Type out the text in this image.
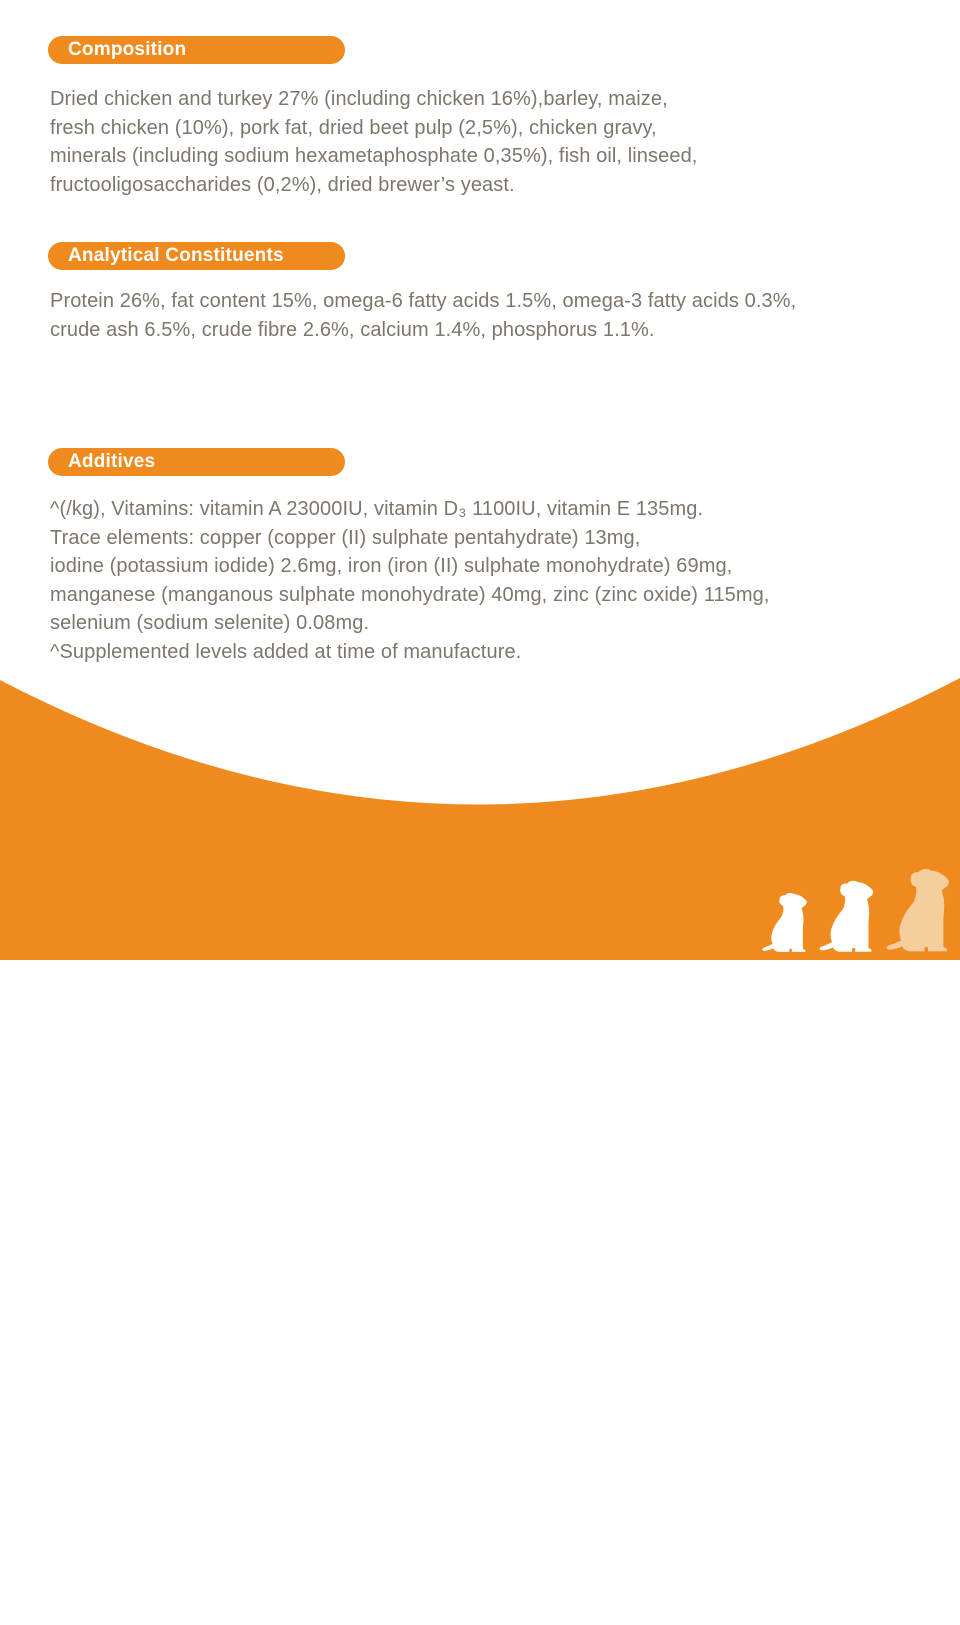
Composition
Dried chicken and turkey 27% (including chicken 16%),barley, maize,
fresh chicken (10%), pork fat, dried beet pulp (2,5%), chicken gravy,
minerals (including sodium hexametaphosphate 0,35%), fish oil, linseed,
fructooligosaccharides (0,2%), dried brewer’s yeast.
Analytical Constituents
Protein 26%, fat content 15%, omega-6 fatty acids 1.5%, omega-3 fatty acids 0.3%,
crude ash 6.5%, crude fibre 2.6%, calcium 1.4%, phosphorus 1.1%.
Additives
^(/kg), Vitamins: vitamin A 23000IU, vitamin D₃ 1100IU, vitamin E 135mg.
Trace elements: copper (copper (II) sulphate pentahydrate) 13mg,
iodine (potassium iodide) 2.6mg, iron (iron (II) sulphate monohydrate) 69mg,
manganese (manganous sulphate monohydrate) 40mg, zinc (zinc oxide) 115mg,
selenium (sodium selenite) 0.08mg.
^Supplemented levels added at time of manufacture.
ADULT
1+ YEARS
